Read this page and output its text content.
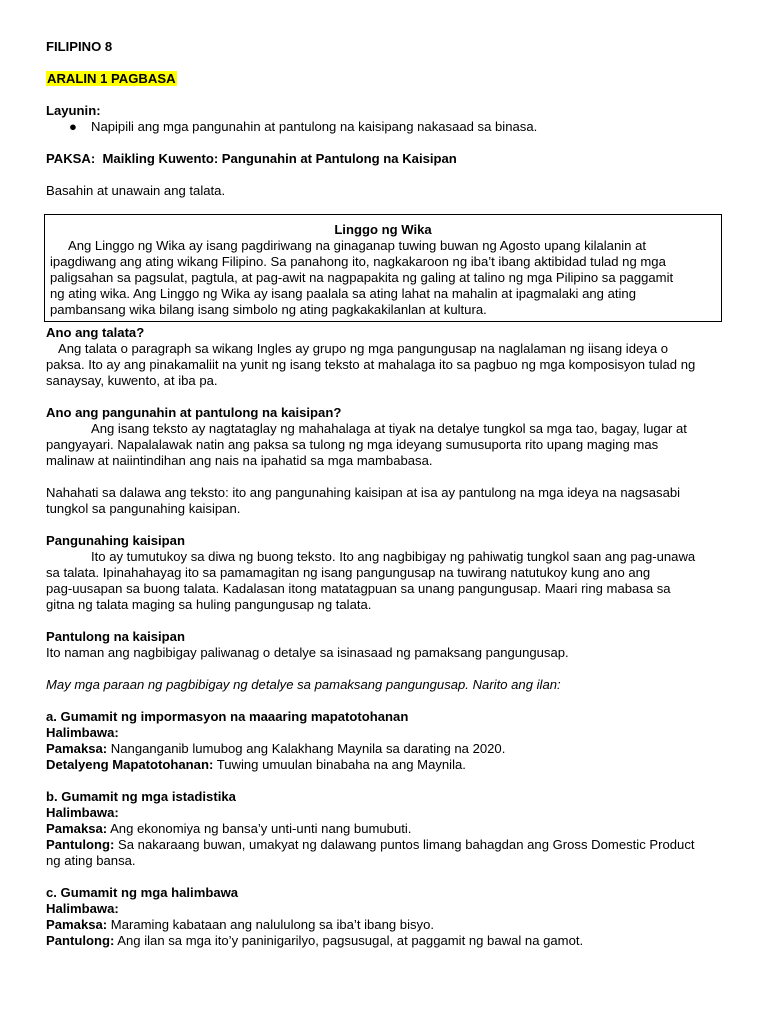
FILIPINO 8
ARALIN 1 PAGBASA
Layunin:
● Napipili ang mga pangunahin at pantulong na kaisipang nakasaad sa binasa.
PAKSA: Maikling Kuwento: Pangunahin at Pantulong na Kaisipan
Basahin at unawain ang talata.
Linggo ng Wika
Ang Linggo ng Wika ay isang pagdiriwang na ginaganap tuwing buwan ng Agosto upang kilalanin at
ipagdiwang ang ating wikang Filipino. Sa panahong ito, nagkakaroon ng iba’t ibang aktibidad tulad ng mga
paligsahan sa pagsulat, pagtula, at pag-awit na nagpapakita ng galing at talino ng mga Pilipino sa paggamit
ng ating wika. Ang Linggo ng Wika ay isang paalala sa ating lahat na mahalin at ipagmalaki ang ating
pambansang wika bilang isang simbolo ng ating pagkakakilanlan at kultura.
Ano ang talata?
Ang talata o paragraph sa wikang Ingles ay grupo ng mga pangungusap na naglalaman ng iisang ideya o
paksa. Ito ay ang pinakamaliit na yunit ng isang teksto at mahalaga ito sa pagbuo ng mga komposisyon tulad ng
sanaysay, kuwento, at iba pa.
Ano ang pangunahin at pantulong na kaisipan?
Ang isang teksto ay nagtataglay ng mahahalaga at tiyak na detalye tungkol sa mga tao, bagay, lugar at
pangyayari. Napalalawak natin ang paksa sa tulong ng mga ideyang sumusuporta rito upang maging mas
malinaw at naiintindihan ang nais na ipahatid sa mga mambabasa.
Nahahati sa dalawa ang teksto: ito ang pangunahing kaisipan at isa ay pantulong na mga ideya na nagsasabi
tungkol sa pangunahing kaisipan.
Pangunahing kaisipan
Ito ay tumutukoy sa diwa ng buong teksto. Ito ang nagbibigay ng pahiwatig tungkol saan ang pag-unawa
sa talata. Ipinahahayag ito sa pamamagitan ng isang pangungusap na tuwirang natutukoy kung ano ang
pag-uusapan sa buong talata. Kadalasan itong matatagpuan sa unang pangungusap. Maari ring mabasa sa
gitna ng talata maging sa huling pangungusap ng talata.
Pantulong na kaisipan
Ito naman ang nagbibigay paliwanag o detalye sa isinasaad ng pamaksang pangungusap.
May mga paraan ng pagbibigay ng detalye sa pamaksang pangungusap. Narito ang ilan:
a. Gumamit ng impormasyon na maaaring mapatotohanan
Halimbawa:
Pamaksa: Nanganganib lumubog ang Kalakhang Maynila sa darating na 2020.
Detalyeng Mapatotohanan: Tuwing umuulan binabaha na ang Maynila.
b. Gumamit ng mga istadistika
Halimbawa:
Pamaksa: Ang ekonomiya ng bansa’y unti-unti nang bumubuti.
Pantulong: Sa nakaraang buwan, umakyat ng dalawang puntos limang bahagdan ang Gross Domestic Product
ng ating bansa.
c. Gumamit ng mga halimbawa
Halimbawa:
Pamaksa: Maraming kabataan ang nalululong sa iba’t ibang bisyo.
Pantulong: Ang ilan sa mga ito’y paninigarilyo, pagsusugal, at paggamit ng bawal na gamot.
